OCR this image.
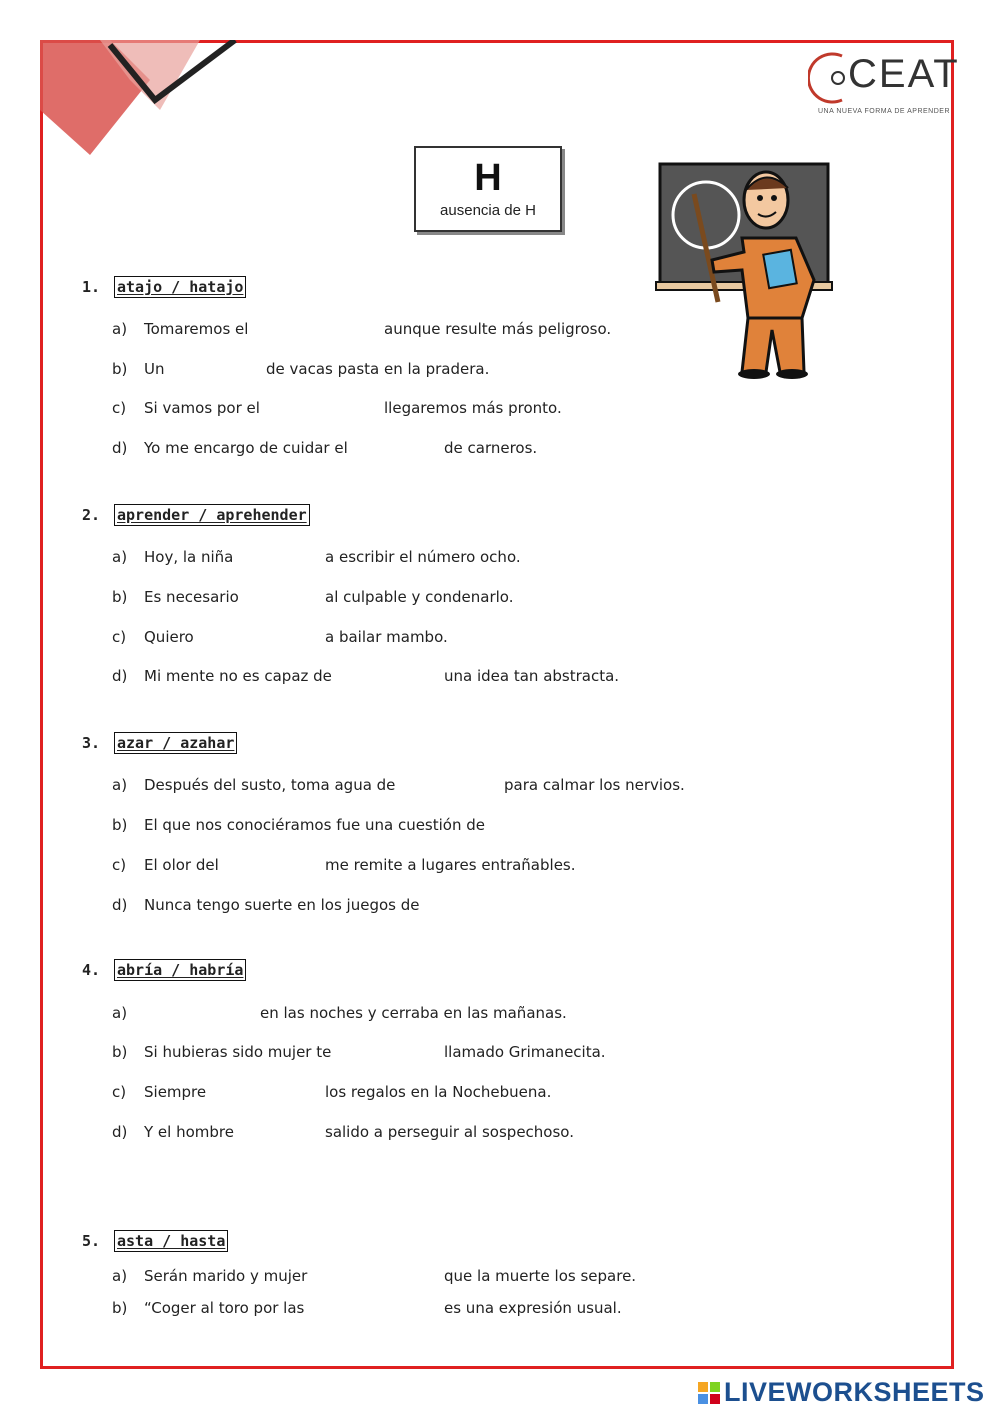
CEAT
UNA NUEVA FORMA DE APRENDER
H
ausencia de H
1. atajo / hatajo
a) Tomaremos el	aunque resulte más peligroso.
b) Un	de vacas pasta en la pradera.
c) Si vamos por el	llegaremos más pronto.
d) Yo me encargo de cuidar el	de carneros.
2. aprender / aprehender
a) Hoy, la niña	a escribir el número ocho.
b) Es necesario	al culpable y condenarlo.
c) Quiero	a bailar mambo.
d) Mi mente no es capaz de	una idea tan abstracta.
3. azar / azahar
a) Después del susto, toma agua de	para calmar los nervios.
b) El que nos conociéramos fue una cuestión de
c) El olor del	me remite a lugares entrañables.
d) Nunca tengo suerte en los juegos de
4. abría / habría
a)	en las noches y cerraba en las mañanas.
b) Si hubieras sido mujer te	llamado Grimanecita.
c) Siempre	los regalos en la Nochebuena.
d) Y el hombre	salido a perseguir al sospechoso.
5. asta / hasta
a) Serán marido y mujer	que la muerte los separe.
b) “Coger al toro por las	es una expresión usual.
LIVEWORKSHEETS
